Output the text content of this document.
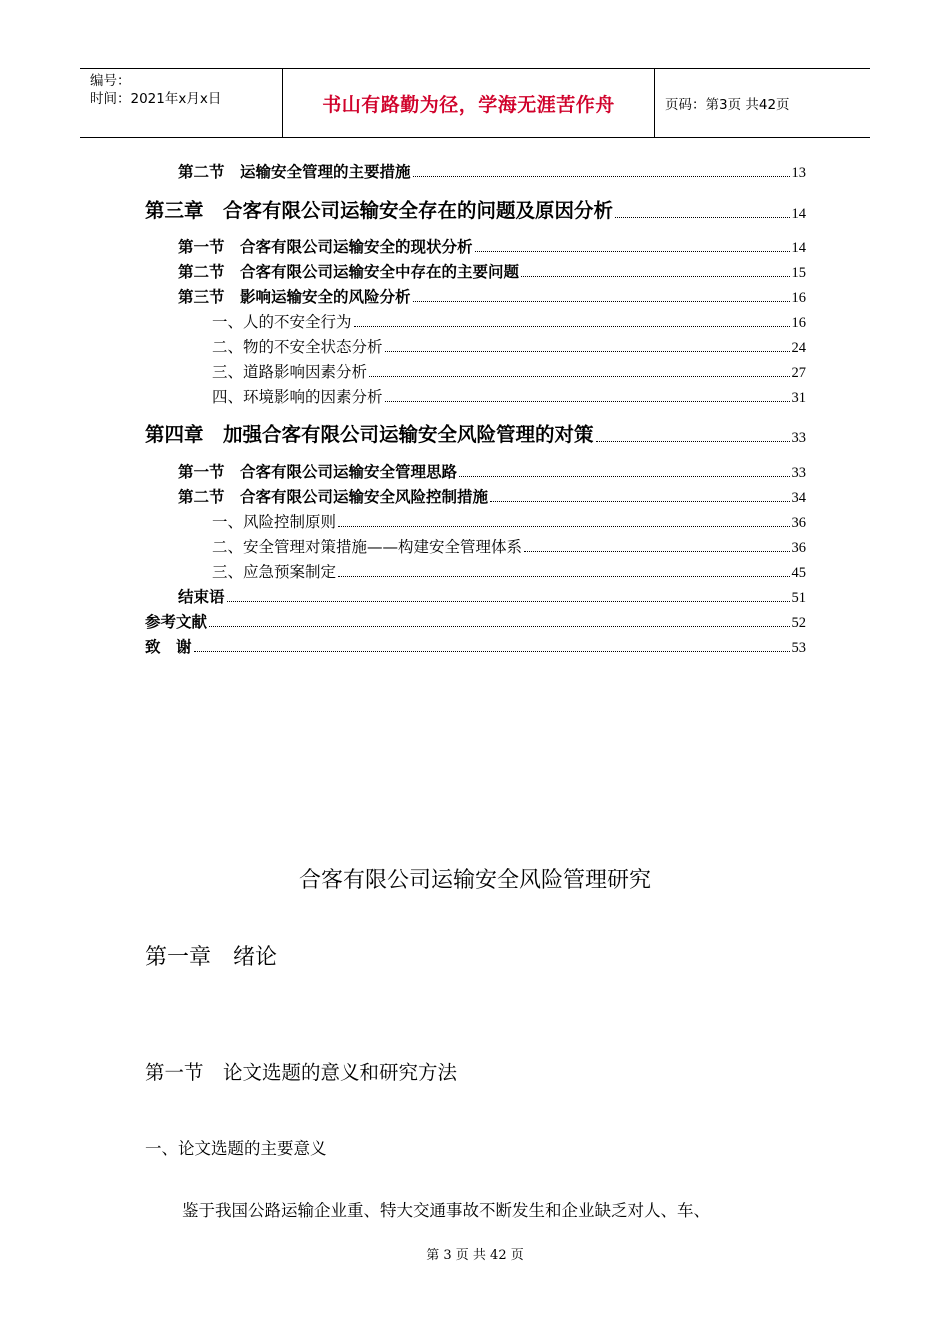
编号：
时间：2021年x月x日	书山有路勤为径，学海无涯苦作舟	页码：第3页 共42页
第二节　运输安全管理的主要措施	13
第三章　合客有限公司运输安全存在的问题及原因分析	14
第一节　合客有限公司运输安全的现状分析	14
第二节　合客有限公司运输安全中存在的主要问题	15
第三节　影响运输安全的风险分析	16
一、人的不安全行为	16
二、物的不安全状态分析	24
三、道路影响因素分析	27
四、环境影响的因素分析	31
第四章　加强合客有限公司运输安全风险管理的对策	33
第一节　合客有限公司运输安全管理思路	33
第二节　合客有限公司运输安全风险控制措施	34
一、风险控制原则	36
二、安全管理对策措施——构建安全管理体系	36
三、应急预案制定	45
结束语	51
参考文献	52
致　谢	53
合客有限公司运输安全风险管理研究
第一章　绪论
第一节　论文选题的意义和研究方法
一、论文选题的主要意义
鉴于我国公路运输企业重、特大交通事故不断发生和企业缺乏对人、车、
第 3 页 共 42 页
